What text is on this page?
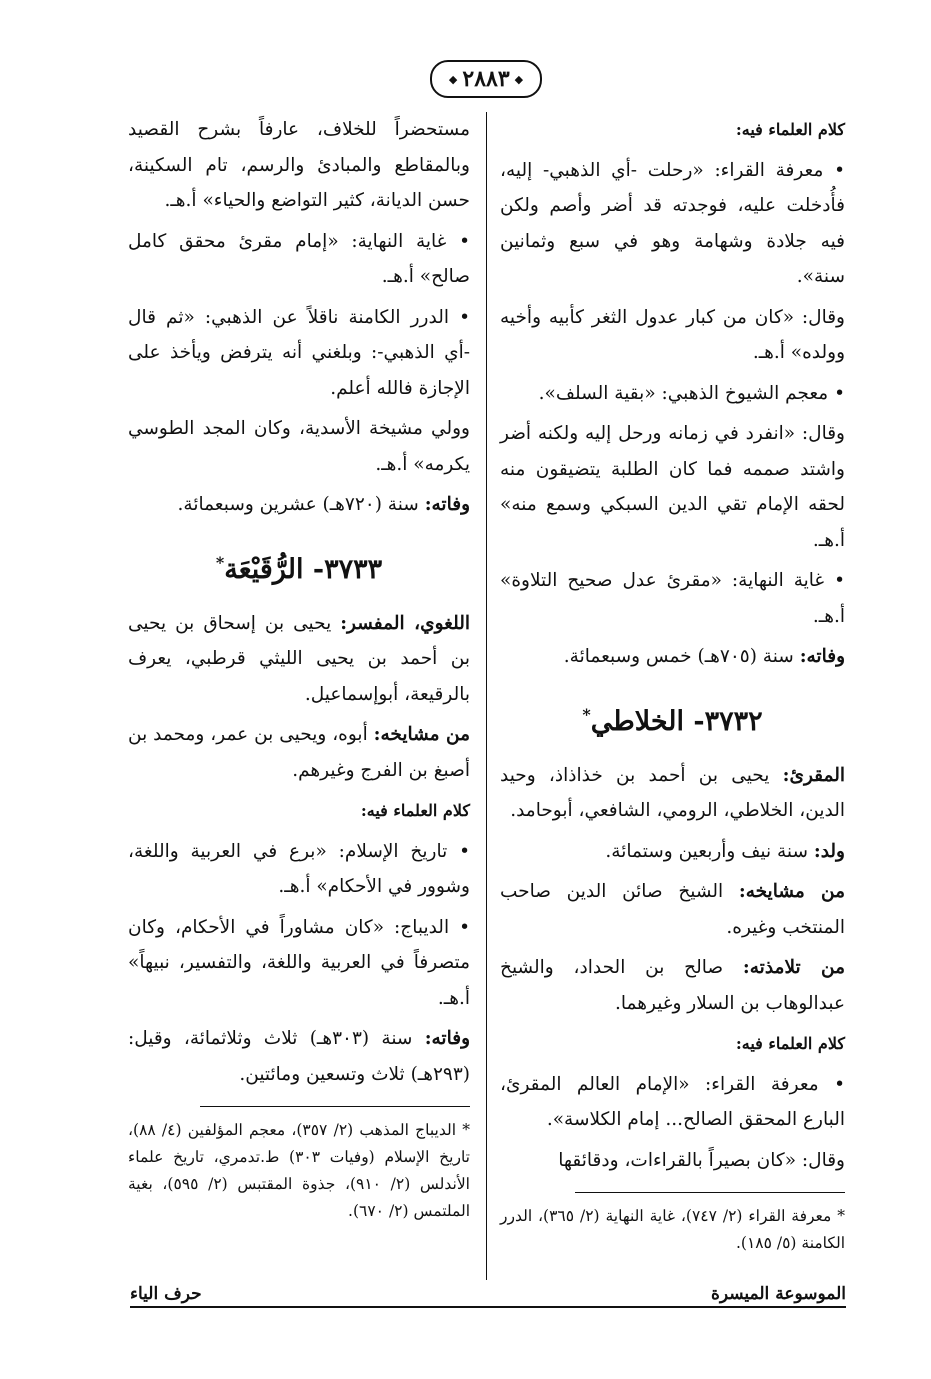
◆ ٢٨٨٣
◆

كلام العلماء فيه:

• معرفة القراء: «رحلت -أي الذهبي- إليه، فأُدخلت عليه، فوجدته قد أضر وأصم ولكن فيه جلادة وشهامة وهو في سبع وثمانين سنة».

وقال: «كان من كبار عدول الثغر كأبيه وأخيه وولده» أ.هـ.

• معجم الشيوخ الذهبي: «بقية السلف».

وقال: «انفرد في زمانه ورحل إليه ولكنه أضر واشتد صممه فما كان الطلبة يتضيقون منه لحقه الإمام تقي الدين السبكي وسمع منه» أ.هـ.

• غاية النهاية: «مقرئ عدل صحيح التلاوة» أ.هـ.

وفاته: سنة (٧٠٥هـ) خمس وسبعمائة.

٣٧٣٢- الخلاطي*

المقرئ: يحيى بن أحمد بن خذاذاذ، وحيد الدين، الخلاطي، الرومي، الشافعي، أبوحامد.

ولد: سنة نيف وأربعين وستمائة.

من مشايخه: الشيخ صائن الدين صاحب المنتخب وغيره.

من تلامذته: صالح بن الحداد، والشيخ عبدالوهاب بن السلار وغيرهما.

كلام العلماء فيه:

• معرفة القراء: «الإمام العالم المقرئ، البارع المحقق الصالح... إمام الكلاسة».

وقال: «كان بصيراً بالقراءات، ودقائقها

* معرفة القراء (٢/ ٧٤٧)، غاية النهاية (٢/ ٣٦٥)، الدرر الكامنة (٥/ ١٨٥).

مستحضراً للخلاف، عارفاً بشرح القصيد وبالمقاطع والمبادئ والرسم، تام السكينة، حسن الديانة، كثير التواضع والحياء» أ.هـ.

• غاية النهاية: «إمام مقرئ محقق كامل صالح» أ.هـ.

• الدرر الكامنة ناقلاً عن الذهبي: «ثم قال -أي الذهبي-: وبلغني أنه يترفض ويأخذ على الإجازة فالله أعلم.

وولي مشيخة الأسدية، وكان المجد الطوسي يكرمه» أ.هـ.

وفاته: سنة (٧٢٠هـ) عشرين وسبعمائة.

٣٧٣٣- الرُّقَيْعَة*

اللغوي، المفسر: يحيى بن إسحاق بن يحيى بن أحمد بن يحيى الليثي قرطبي، يعرف بالرقيعة، أبوإسماعيل.

من مشايخه: أبوه، ويحيى بن عمر، ومحمد بن أصبغ بن الفرج وغيرهم.

كلام العلماء فيه:

• تاريخ الإسلام: «برع في العربية واللغة، وشوور في الأحكام» أ.هـ.

• الديباج: «كان مشاوراً في الأحكام، وكان متصرفاً في العربية واللغة، والتفسير، نبيهاً» أ.هـ.

وفاته: سنة (٣٠٣هـ) ثلاث وثلاثمائة، وقيل: (٢٩٣هـ) ثلاث وتسعين ومائتين.

* الديباج المذهب (٢/ ٣٥٧)، معجم المؤلفين (٤/ ٨٨)، تاريخ الإسلام (وفيات ٣٠٣) ط.تدمري، تاريخ علماء الأندلس (٢/ ٩١٠)، جذوة المقتبس (٢/ ٥٩٥)، بغية الملتمس (٢/ ٦٧٠).

الموسوعة الميسرة
حرف الياء
